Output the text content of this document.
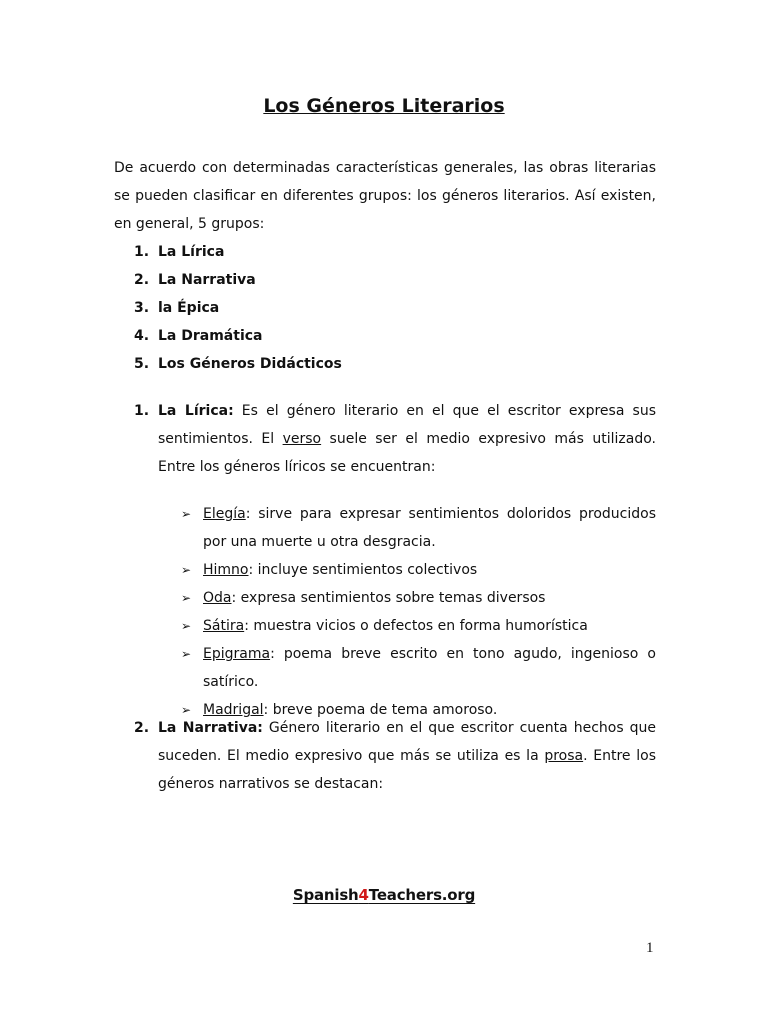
Los Géneros Literarios

De acuerdo con determinadas características generales, las obras literarias se pueden clasificar en diferentes grupos: los géneros literarios. Así existen, en general, 5 grupos:

1. La Lírica
2. La Narrativa
3. la Épica
4. La Dramática
5. Los Géneros Didácticos
1. La Lírica: Es el género literario en el que el escritor expresa sus sentimientos. El verso suele ser el medio expresivo más utilizado. Entre los géneros líricos se encuentran:

➢ Elegía: sirve para expresar sentimientos doloridos producidos por una muerte u otra desgracia.
➢ Himno: incluye sentimientos colectivos
➢ Oda: expresa sentimientos sobre temas diversos
➢ Sátira: muestra vicios o defectos en forma humorística
➢ Epigrama: poema breve escrito en tono agudo, ingenioso o satírico.
➢ Madrigal: breve poema de tema amoroso.
2. La Narrativa: Género literario en el que escritor cuenta hechos que suceden. El medio expresivo que más se utiliza es la prosa. Entre los géneros narrativos se destacan:

Spanish4Teachers.org
1
